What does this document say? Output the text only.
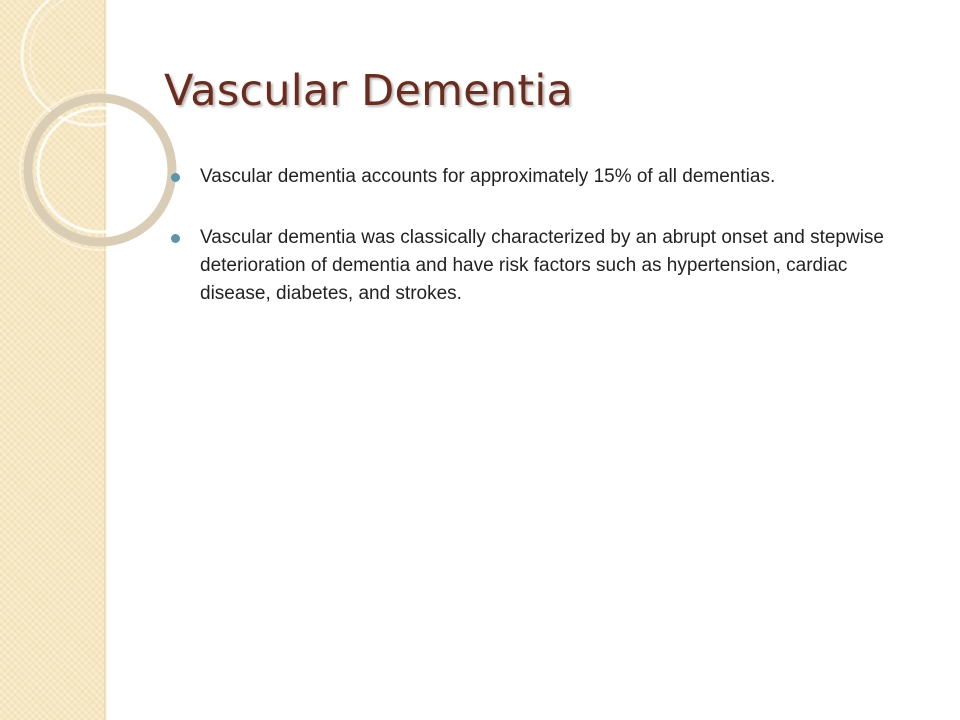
Vascular Dementia
Vascular dementia accounts for approximately 15% of all dementias.
Vascular dementia was classically characterized by an abrupt onset and stepwise deterioration of dementia and have risk factors such as hypertension, cardiac disease, diabetes, and strokes.
